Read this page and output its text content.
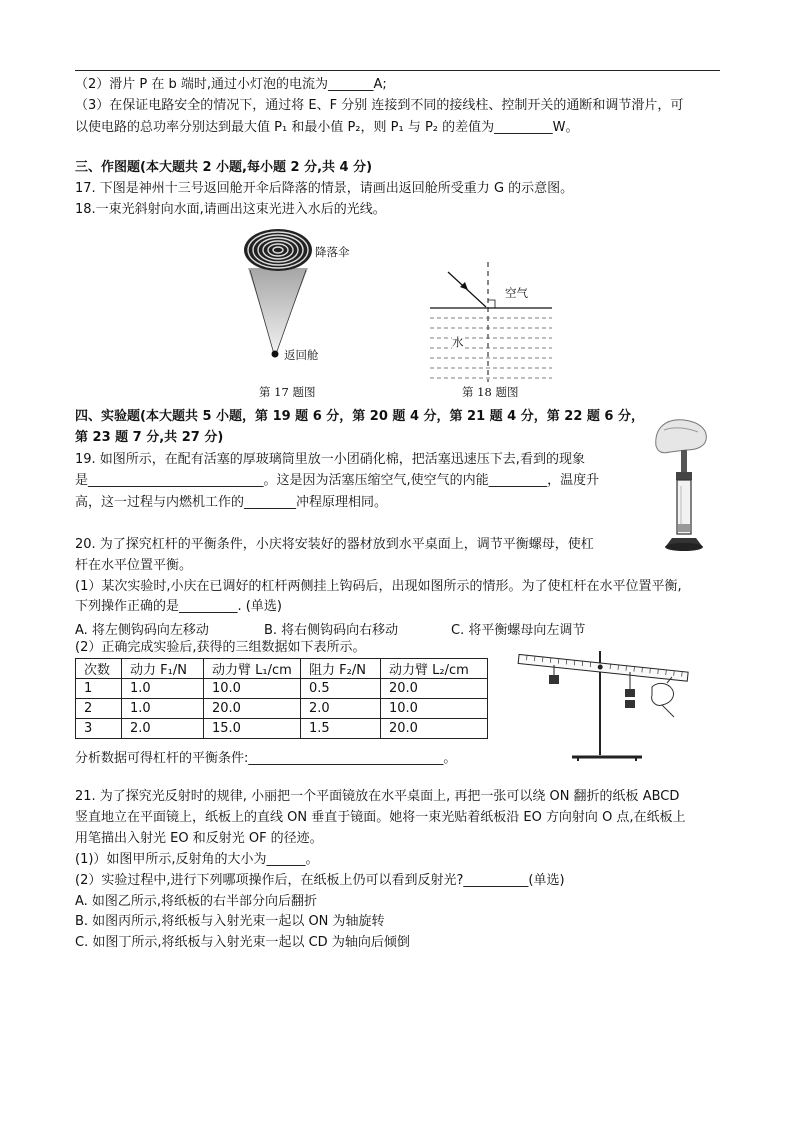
（2）滑片 P 在 b 端时,通过小灯泡的电流为_______A;
（3）在保证电路安全的情况下，通过将 E、F 分别 连接到不同的接线柱、控制开关的通断和调节滑片，可
以使电路的总功率分别达到最大值 P₁ 和最小值 P₂，则 P₁ 与 P₂ 的差值为_________W。
三、作图题(本大题共 2 小题,每小题 2 分,共 4 分)
17. 下图是神州十三号返回舱开伞后降落的情景，请画出返回舱所受重力 G 的示意图。
18.一束光斜射向水面,请画出这束光进入水后的光线。
降落伞
返回舱
第 17 题图
空气
水
第 18 题图
四、实验题(本大题共 5 小题，第 19 题 6 分，第 20 题 4 分，第 21 题 4 分，第 22 题 6 分，
第 23 题 7 分,共 27 分)
19. 如图所示，在配有活塞的厚玻璃筒里放一小团硝化棉，把活塞迅速压下去,看到的现象
是___________________________。这是因为活塞压缩空气,使空气的内能_________，温度升
高，这一过程与内燃机工作的________冲程原理相同。
20. 为了探究杠杆的平衡条件，小庆将安装好的器材放到水平桌面上，调节平衡螺母，使杠
杆在水平位置平衡。
(1）某次实验时,小庆在已调好的杠杆两侧挂上钩码后，出现如图所示的情形。为了使杠杆在水平位置平衡,
下列操作正确的是_________. (单选)
A. 将左侧钩码向左移动	B. 将右侧钩码向右移动	C. 将平衡螺母向左调节
(2）正确完成实验后,获得的三组数据如下表所示。
次数	动力 F₁/N	动力臂 L₁/cm	阻力 F₂/N	动力臂 L₂/cm
1	1.0	10.0	0.5	20.0
2	1.0	20.0	2.0	10.0
3	2.0	15.0	1.5	20.0
分析数据可得杠杆的平衡条件:______________________________。
21. 为了探究光反射时的规律, 小丽把一个平面镜放在水平桌面上, 再把一张可以绕 ON 翻折的纸板 ABCD
竖直地立在平面镜上，纸板上的直线 ON 垂直于镜面。她将一束光贴着纸板沿 EO 方向射向 O 点,在纸板上
用笔描出入射光 EO 和反射光 OF 的径迹。
(1)）如图甲所示,反射角的大小为______。
(2）实验过程中,进行下列哪项操作后，在纸板上仍可以看到反射光?__________(单选)
A. 如图乙所示,将纸板的右半部分向后翻折
B. 如图丙所示,将纸板与入射光束一起以 ON 为轴旋转
C. 如图丁所示,将纸板与入射光束一起以 CD 为轴向后倾倒
